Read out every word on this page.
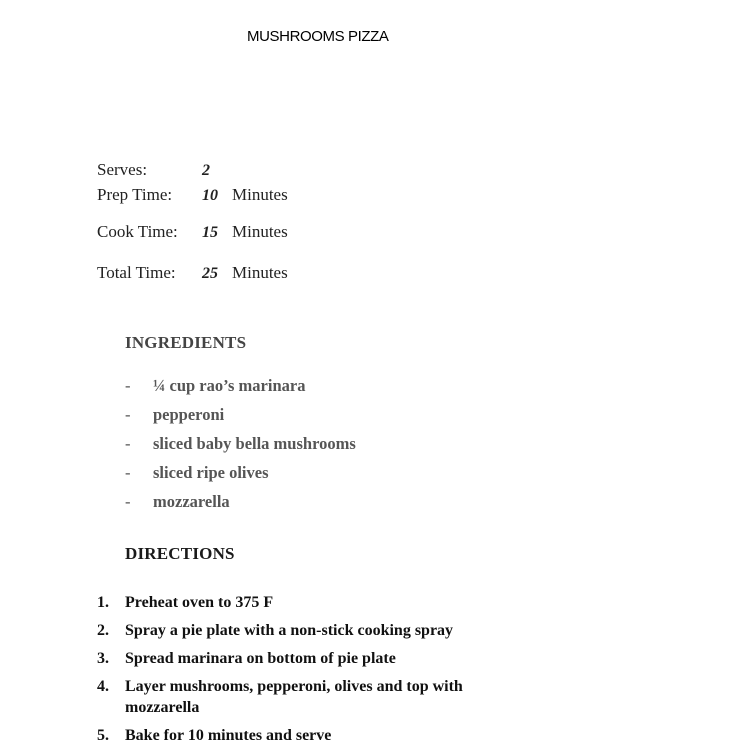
MUSHROOMS PIZZA
Serves:	2
Prep Time:	10 Minutes
Cook Time:	15 Minutes
Total Time:	25 Minutes
INGREDIENTS
-	¼ cup rao’s marinara
-	pepperoni
-	sliced baby bella mushrooms
-	sliced ripe olives
-	mozzarella
DIRECTIONS
1.	Preheat oven to 375 F
2.	Spray a pie plate with a non-stick cooking spray
3.	Spread marinara on bottom of pie plate
4.	Layer mushrooms, pepperoni, olives and top with mozzarella
5.	Bake for 10 minutes and serve
